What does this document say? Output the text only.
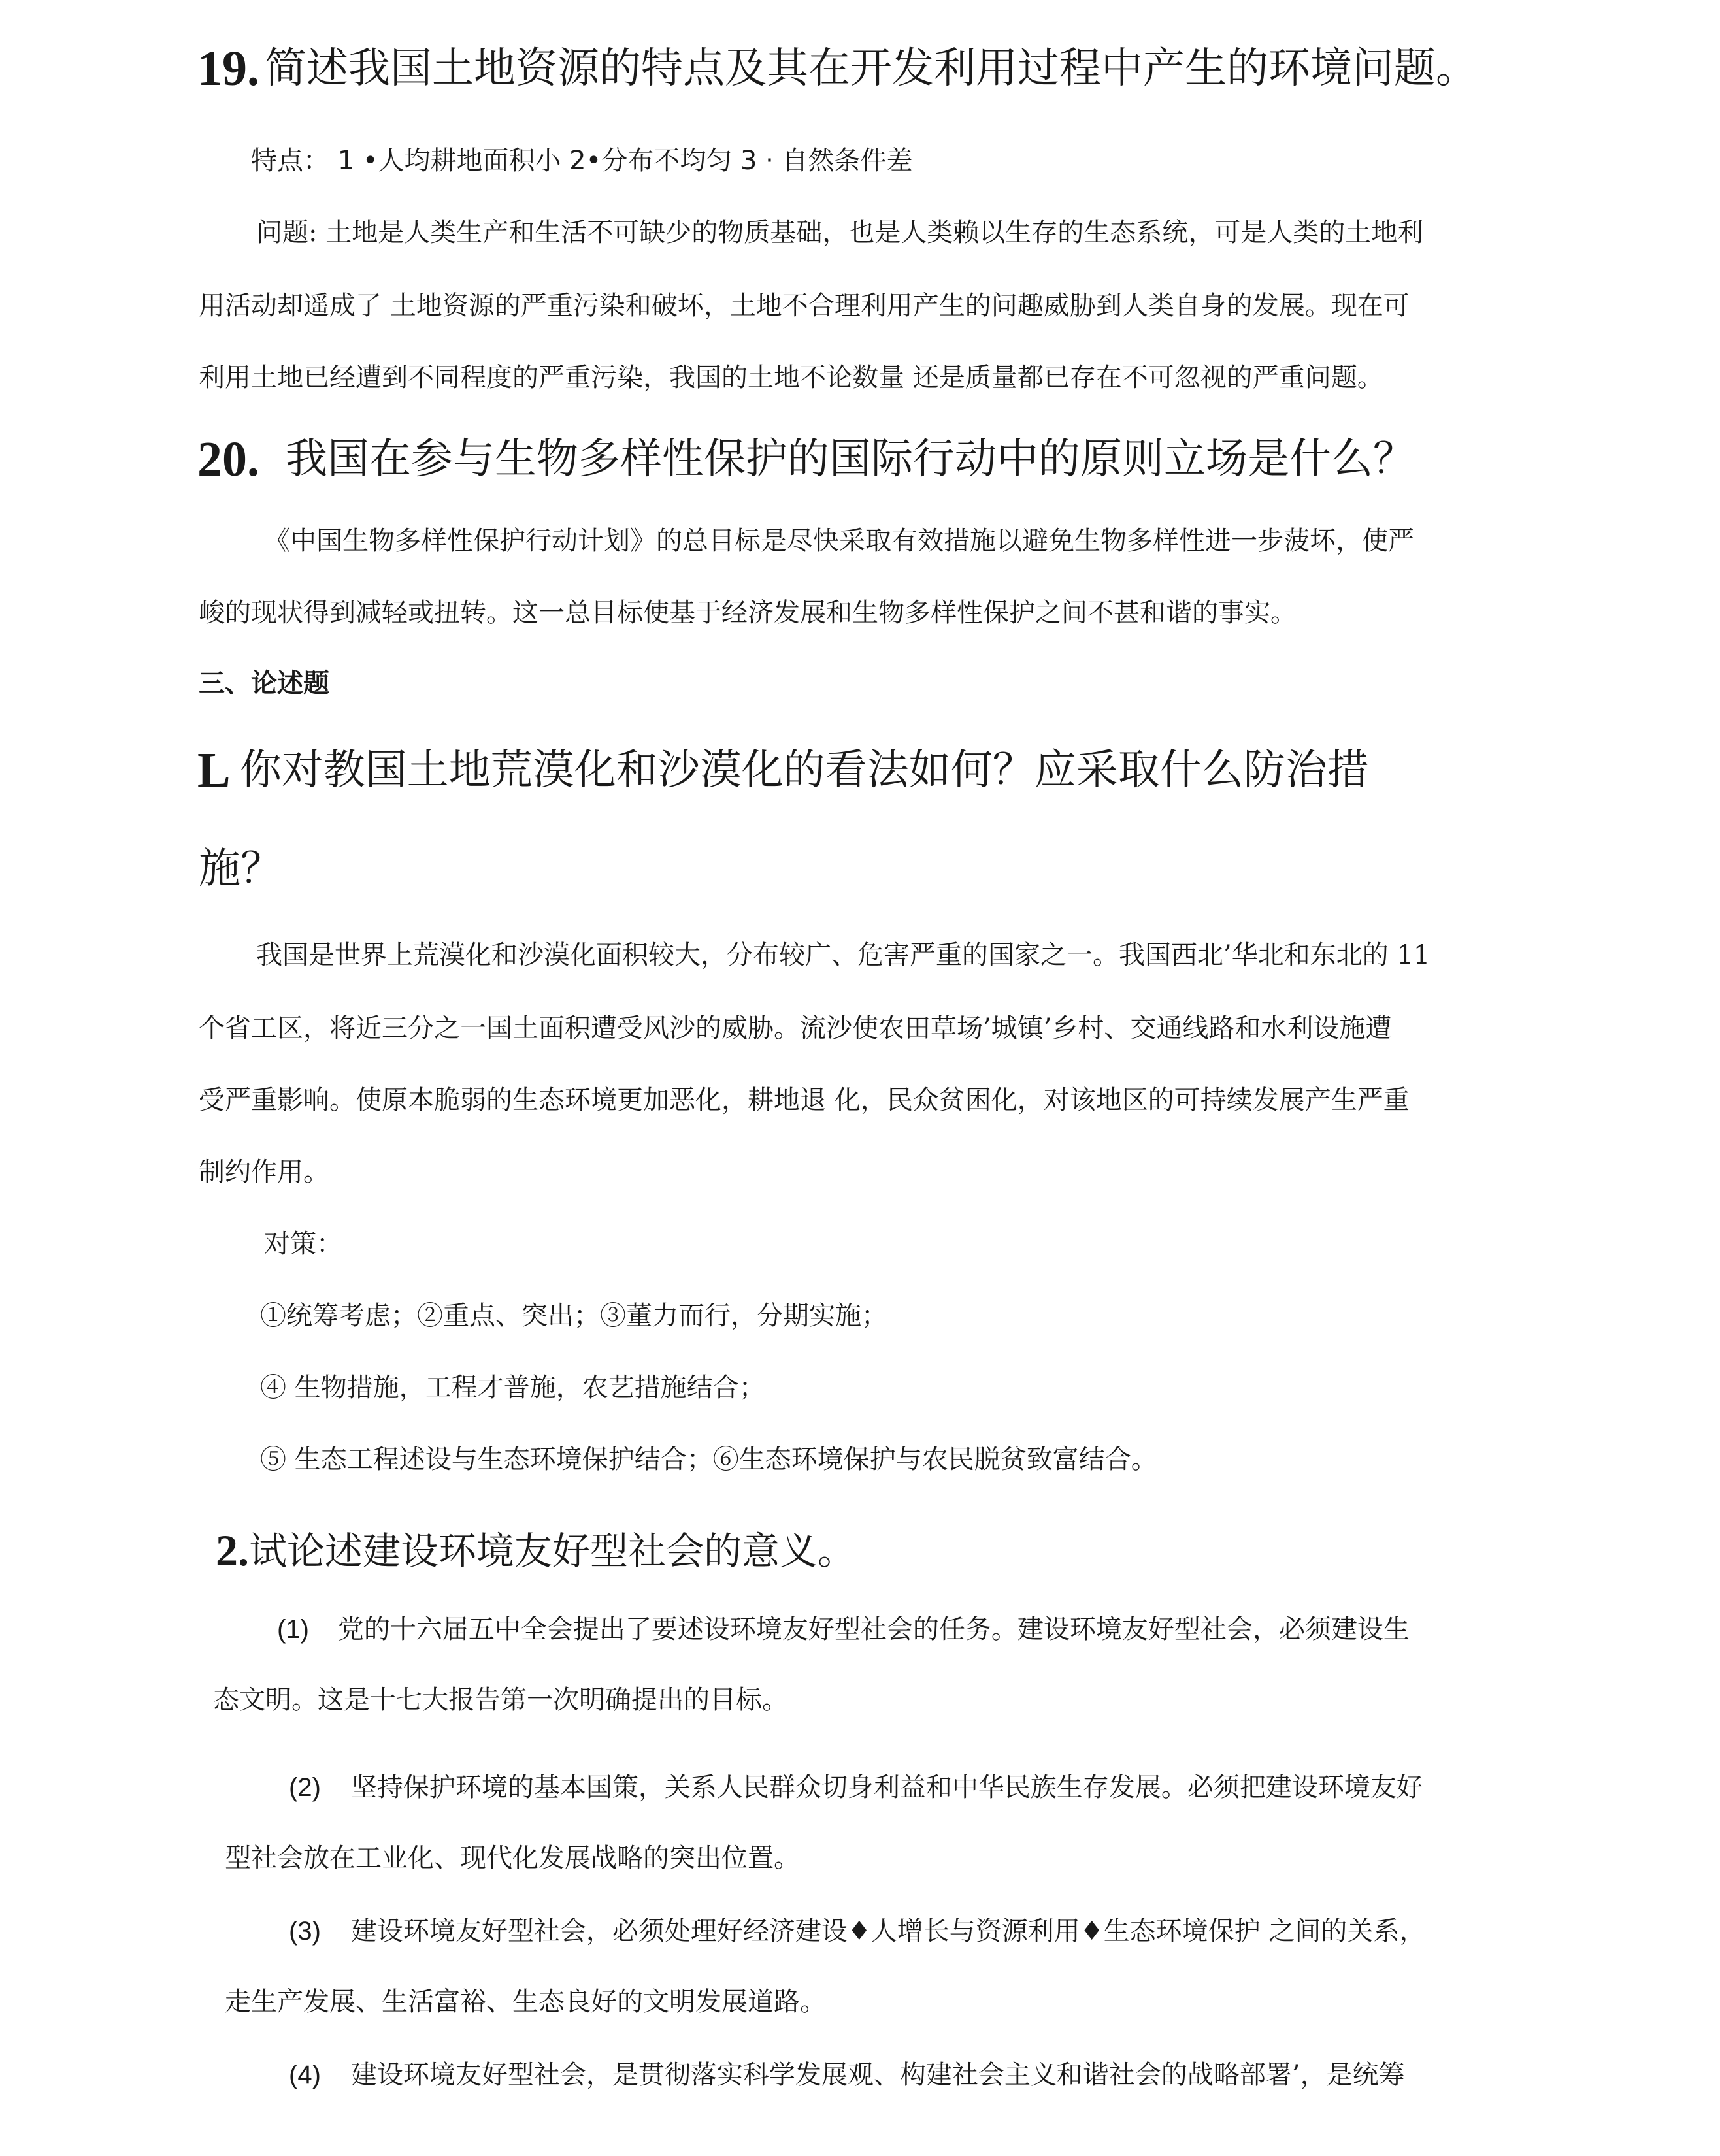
19. 简述我国土地资源的特点及其在开发利用过程中产生的环境问题。

特点： 1 •人均耕地面积小 2•分布不均匀 3 · 自然条件差

问题: 土地是人类生产和生活不可缺少的物质基础，也是人类赖以生存的生态系统，可是人类的土地利

用活动却遥成了 土地资源的严重污染和破坏，土地不合理利用产生的问趣威胁到人类自身的发展。现在可

利用土地已经遭到不同程度的严重污染，我国的土地不论数量 还是质量都已存在不可忽视的严重问题。

20. 我国在参与生物多样性保护的国际行动中的原则立场是什么？

《中国生物多样性保护行动计划》的总目标是尽快采取有效措施以避免生物多样性进一步菠坏，使严

峻的现状得到减轻或扭转。这一总目标使基于经济发展和生物多样性保护之间不甚和谐的事实。

三、论述题

L 你对教国土地荒漠化和沙漠化的看法如何？应采取什么防治措

施？

我国是世界上荒漠化和沙漠化面积较大，分布较广、危害严重的国家之一。我国西北’华北和东北的 11

个省工区，将近三分之一国土面积遭受风沙的威胁。流沙使农田草场’城镇’乡村、交通线路和水利设施遭

受严重影响。使原本脆弱的生态环境更加恶化，耕地退 化，民众贫困化，对该地区的可持续发展产生严重

制约作用。

对策：

①统筹考虑；②重点、突出；③董力而行，分期实施；

④ 生物措施，工程才普施，农艺措施结合；

⑤ 生态工程述设与生态环境保护结合；⑥生态环境保护与农民脱贫致富结合。

2.试论述建设环境友好型社会的意义。
(1) 党的十六届五中全会提出了要述设环境友好型社会的任务。建设环境友好型社会，必须建设生

态文明。这是十七大报告第一次明确提出的目标。

(2) 坚持保护环境的基本国策，关系人民群众切身利益和中华民族生存发展。必须把建设环境友好

型社会放在工业化、现代化发展战略的突出位置。

(3) 建设环境友好型社会，必须处理好经济建设♦人增长与资源利用♦生态环境保护 之间的关系，

走生产发展、生活富裕、生态良好的文明发展道路。

(4) 建设环境友好型社会，是贯彻落实科学发展观、构建社会主义和谐社会的战略部署’，是统筹
